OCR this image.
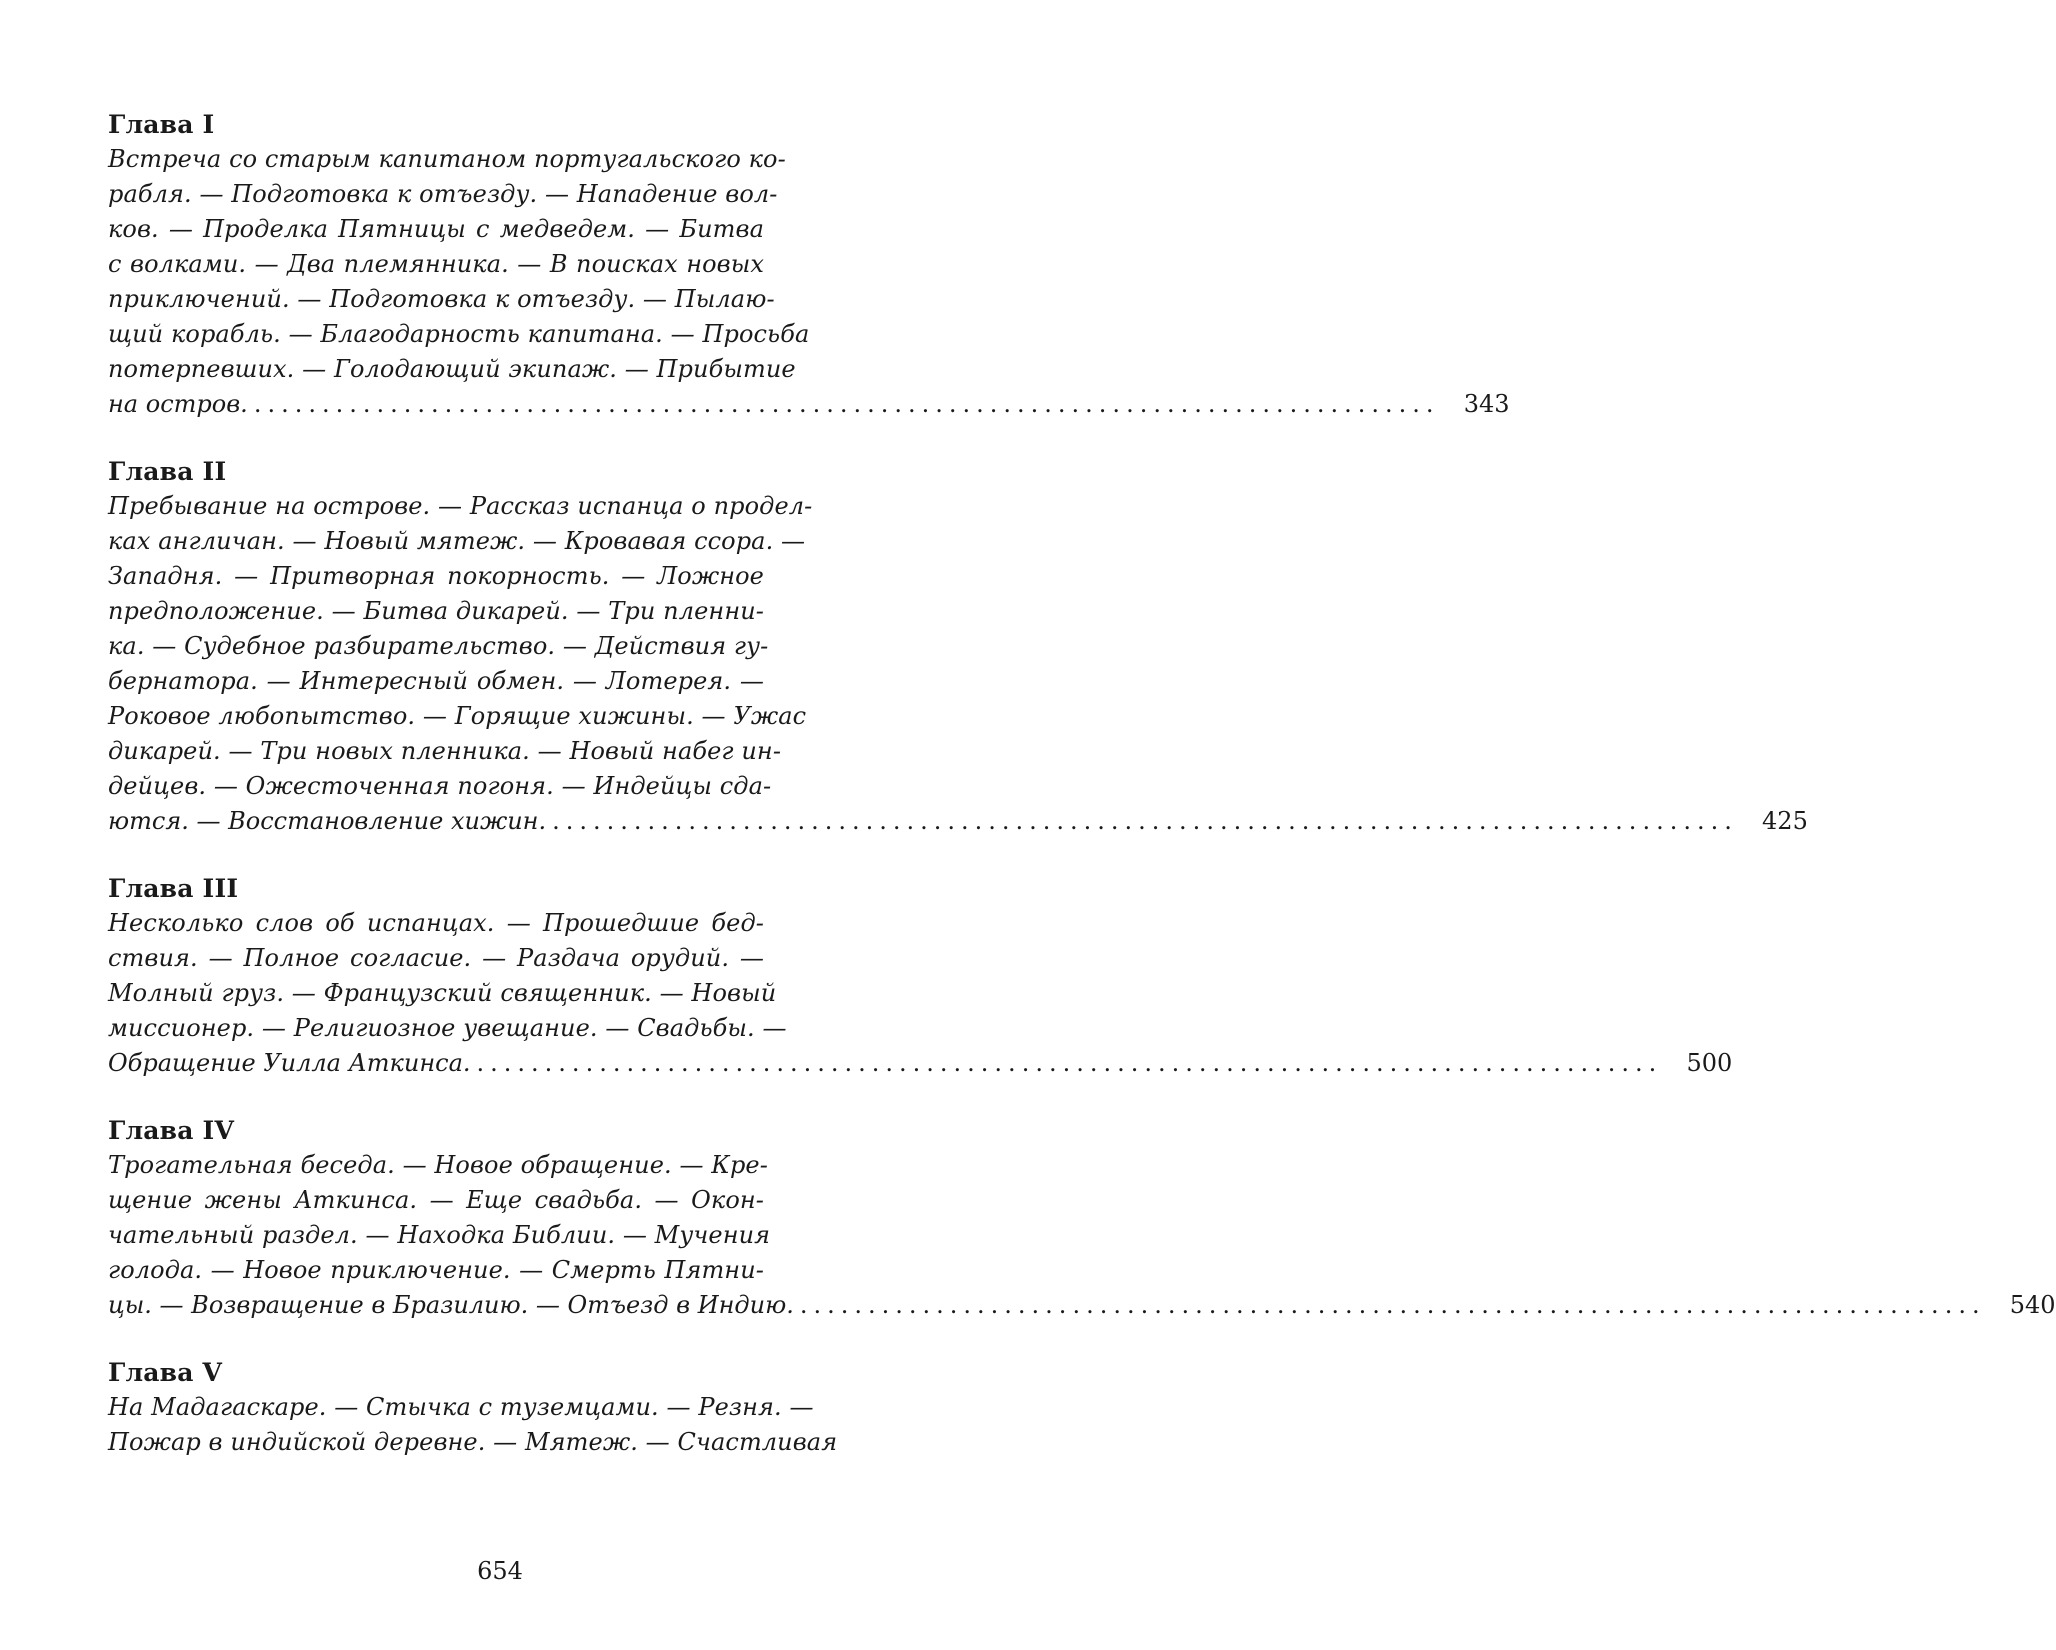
Глава I
Встреча со старым капитаном португальского ко-
рабля. — Подготовка к отъезду. — Нападение вол-
ков. — Проделка Пятницы с медведем. — Битва
с волками. — Два племянника. — В поисках новых
приключений. — Подготовка к отъезду. — Пылаю-
щий корабль. — Благодарность капитана. — Просьба
потерпевших. — Голодающий экипаж. — Прибытие
на остров. .......................................................................................	343
Глава II
Пребывание на острове. — Рассказ испанца о продел-
ках англичан. — Новый мятеж. — Кровавая ссора. —
Западня. — Притворная покорность. — Ложное
предположение. — Битва дикарей. — Три пленни-
ка. — Судебное разбирательство. — Действия гу-
бернатора. — Интересный обмен. — Лотерея. —
Роковое любопытство. — Горящие хижины. — Ужас
дикарей. — Три новых пленника. — Новый набег ин-
дейцев. — Ожесточенная погоня. — Индейцы сда-
ются. — Восстановление хижин. .......................................................................................	425
Глава III
Несколько слов об испанцах. — Прошедшие бед-
ствия. — Полное согласие. — Раздача орудий. —
Молный груз. — Французский священник. — Новый
миссионер. — Религиозное увещание. — Свадьбы. —
Обращение Уилла Аткинса. .......................................................................................	500
Глава IV
Трогательная беседа. — Новое обращение. — Кре-
щение жены Аткинса. — Еще свадьба. — Окон-
чательный раздел. — Находка Библии. — Мучения
голода. — Новое приключение. — Смерть Пятни-
цы. — Возвращение в Бразилию. — Отъезд в Индию. .......................................................................................	540
Глава V
На Мадагаскаре. — Стычка с туземцами. — Резня. —
Пожар в индийской деревне. — Мятеж. — Счастливая
654
